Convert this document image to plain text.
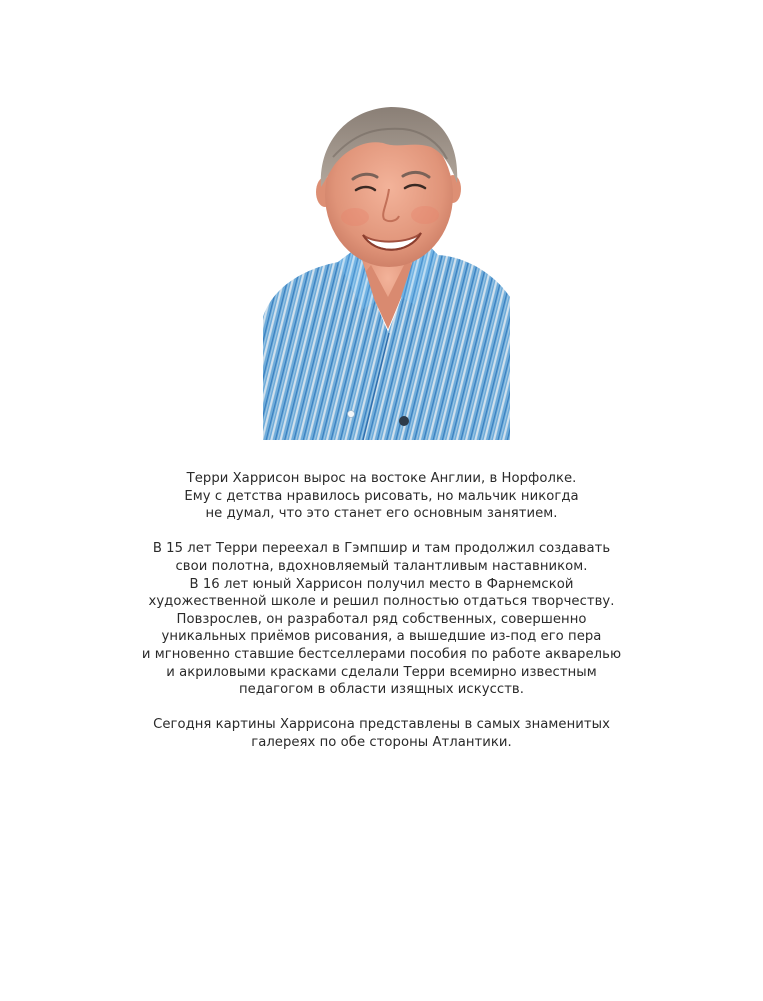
Терри Харрисон вырос на востоке Англии, в Норфолке.
Ему с детства нравилось рисовать, но мальчик никогда
не думал, что это станет его основным занятием.

В 15 лет Терри переехал в Гэмпшир и там продолжил создавать
свои полотна, вдохновляемый талантливым наставником.
В 16 лет юный Харрисон получил место в Фарнемской
художественной школе и решил полностью отдаться творчеству.
Повзрослев, он разработал ряд собственных, совершенно
уникальных приёмов рисования, а вышедшие из-под его пера
и мгновенно ставшие бестселлерами пособия по работе акварелью
и акриловыми красками сделали Терри всемирно известным
педагогом в области изящных искусств.

Сегодня картины Харрисона представлены в самых знаменитых
галереях по обе стороны Атлантики.
